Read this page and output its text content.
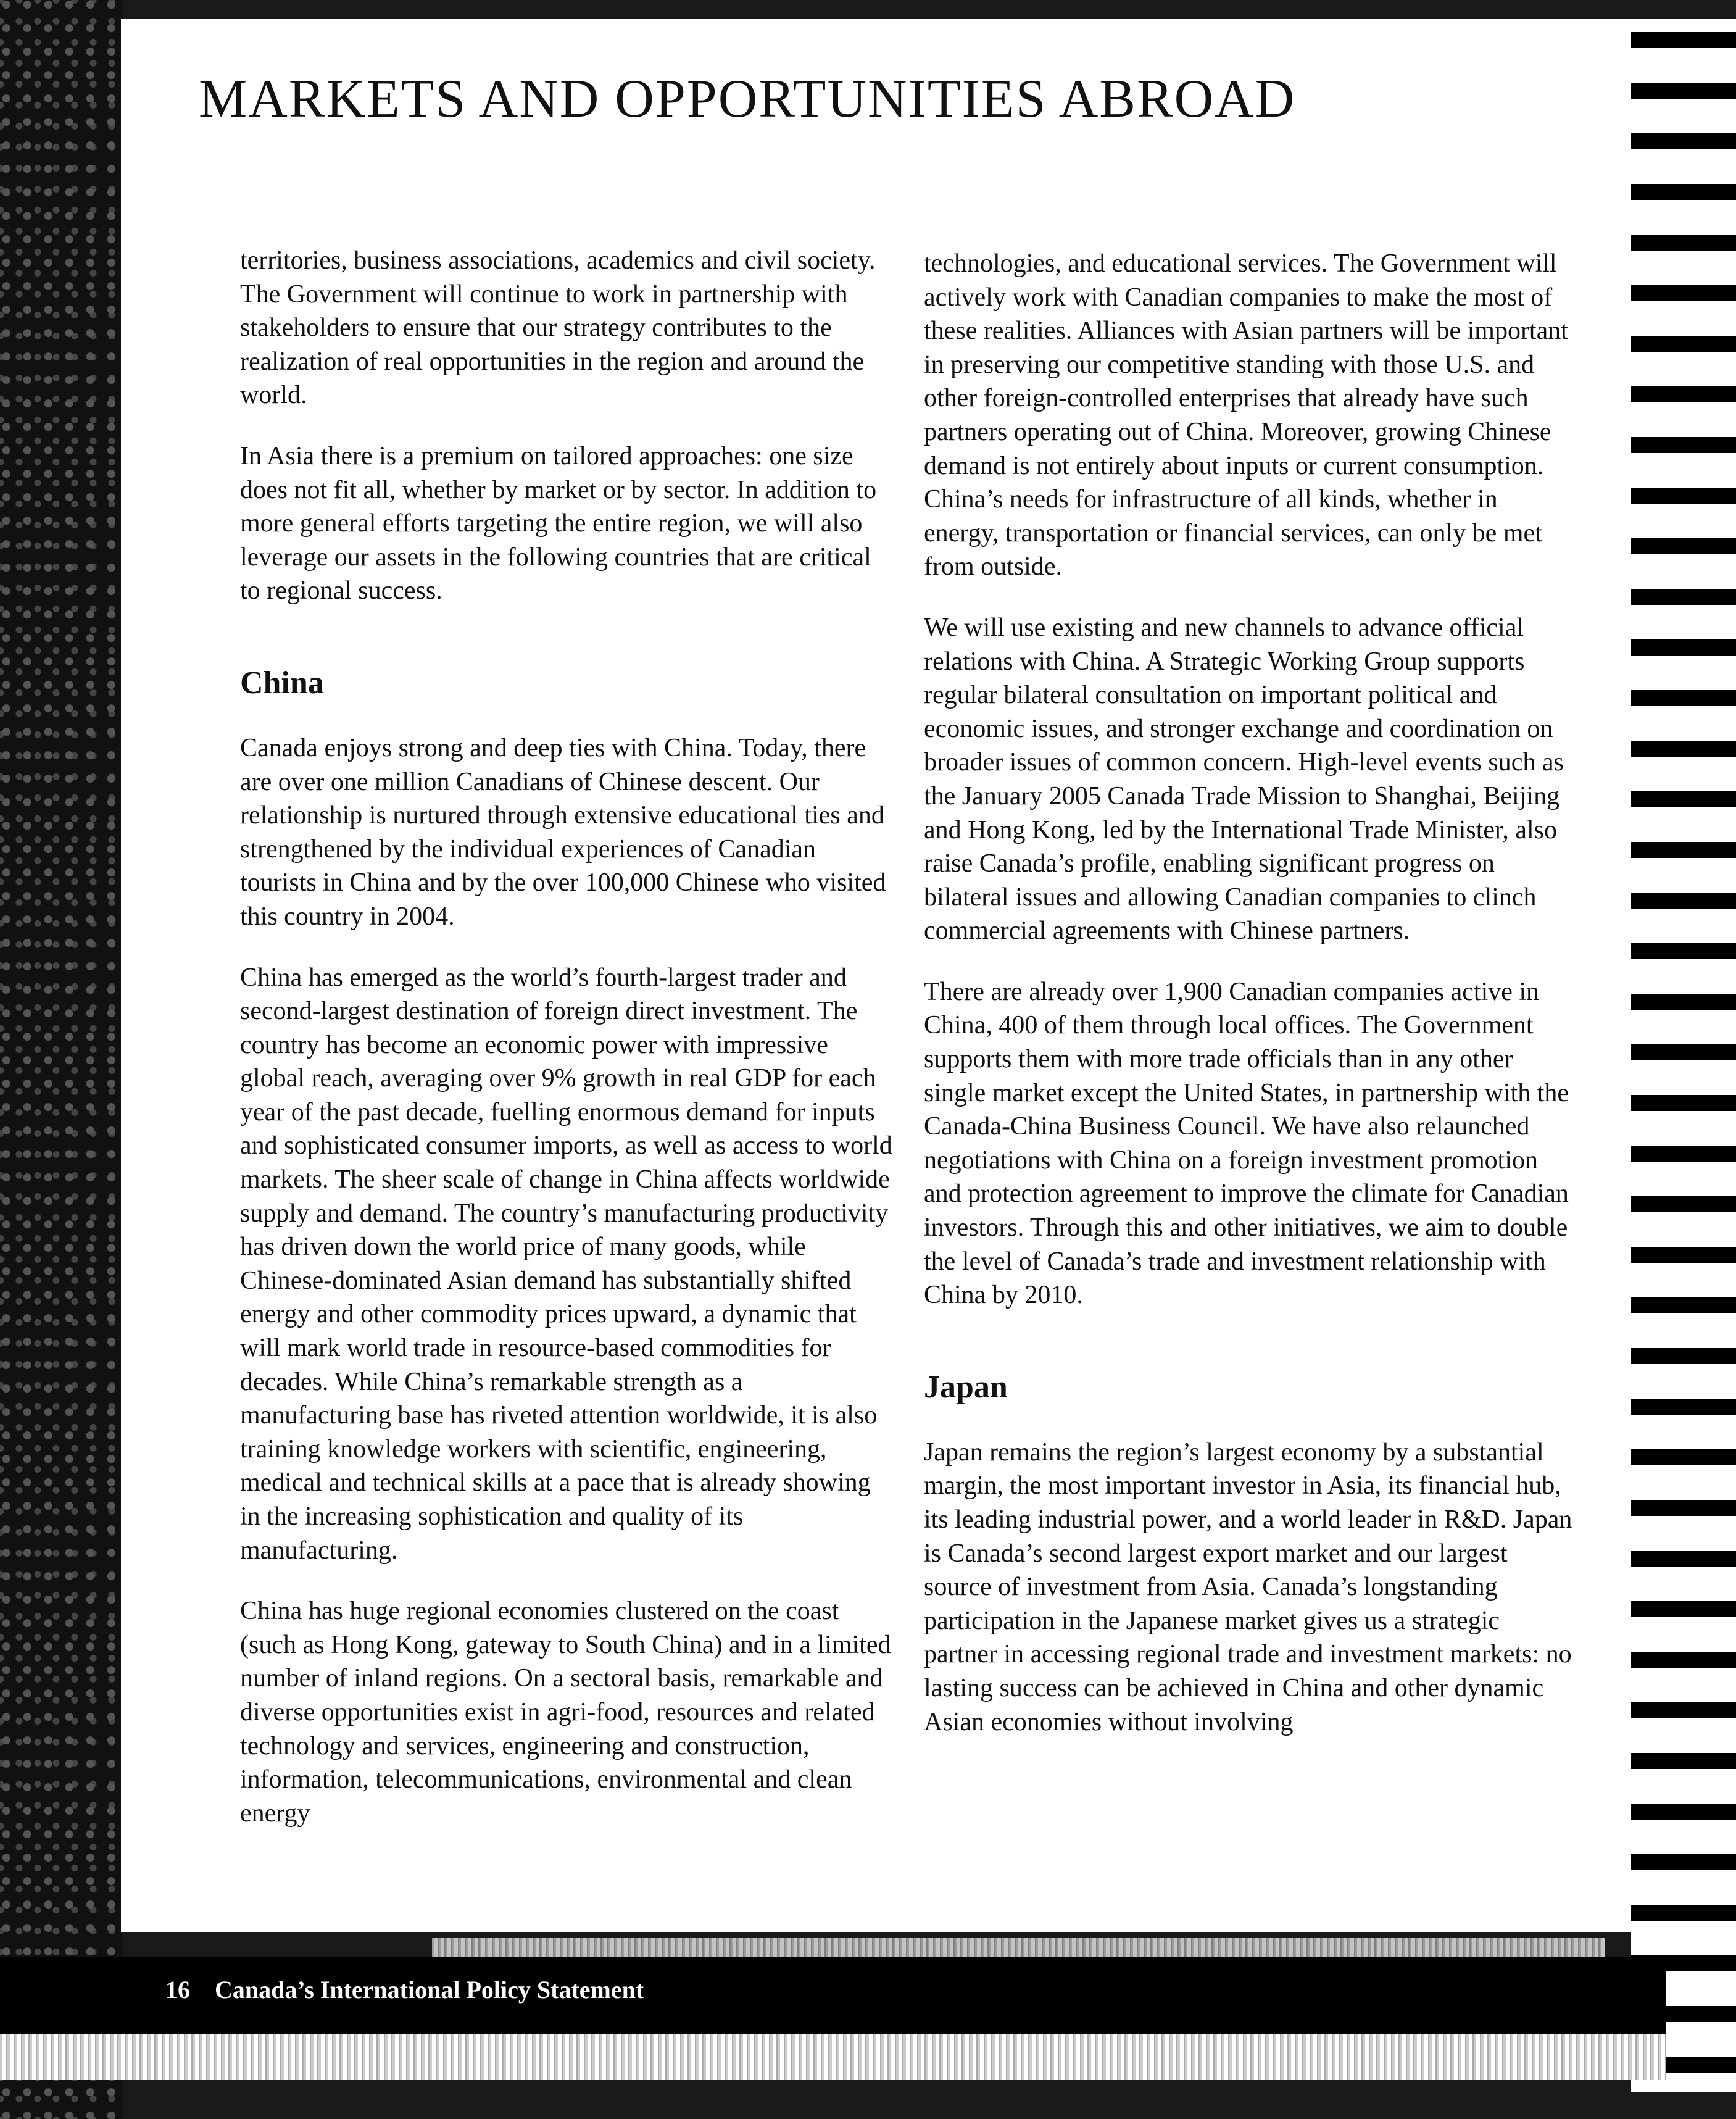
MARKETS AND OPPORTUNITIES ABROAD

territories, business associations, academics and civil society. The Government will continue to work in partnership with stakeholders to ensure that our strategy contributes to the realization of real opportunities in the region and around the world.

In Asia there is a premium on tailored approaches: one size does not fit all, whether by market or by sector. In addition to more general efforts targeting the entire region, we will also leverage our assets in the following countries that are critical to regional success.

China

Canada enjoys strong and deep ties with China. Today, there are over one million Canadians of Chinese descent. Our relationship is nurtured through extensive educational ties and strengthened by the individual experiences of Canadian tourists in China and by the over 100,000 Chinese who visited this country in 2004.

China has emerged as the world’s fourth-largest trader and second-largest destination of foreign direct investment. The country has become an economic power with impressive global reach, averaging over 9% growth in real GDP for each year of the past decade, fuelling enormous demand for inputs and sophisticated consumer imports, as well as access to world markets. The sheer scale of change in China affects worldwide supply and demand. The country’s manufacturing productivity has driven down the world price of many goods, while Chinese-dominated Asian demand has substantially shifted energy and other commodity prices upward, a dynamic that will mark world trade in resource-based commodities for decades. While China’s remarkable strength as a manufacturing base has riveted attention worldwide, it is also training knowledge workers with scientific, engineering, medical and technical skills at a pace that is already showing in the increasing sophistication and quality of its manufacturing.

China has huge regional economies clustered on the coast (such as Hong Kong, gateway to South China) and in a limited number of inland regions. On a sectoral basis, remarkable and diverse opportunities exist in agri-food, resources and related technology and services, engineering and construction, information, telecommunications, environmental and clean energy

technologies, and educational services. The Government will actively work with Canadian companies to make the most of these realities. Alliances with Asian partners will be important in preserving our competitive standing with those U.S. and other foreign-controlled enterprises that already have such partners operating out of China. Moreover, growing Chinese demand is not entirely about inputs or current consumption. China’s needs for infrastructure of all kinds, whether in energy, transportation or financial services, can only be met from outside.

We will use existing and new channels to advance official relations with China. A Strategic Working Group supports regular bilateral consultation on important political and economic issues, and stronger exchange and coordination on broader issues of common concern. High-level events such as the January 2005 Canada Trade Mission to Shanghai, Beijing and Hong Kong, led by the International Trade Minister, also raise Canada’s profile, enabling significant progress on bilateral issues and allowing Canadian companies to clinch commercial agreements with Chinese partners.

There are already over 1,900 Canadian companies active in China, 400 of them through local offices. The Government supports them with more trade officials than in any other single market except the United States, in partnership with the Canada-China Business Council. We have also relaunched negotiations with China on a foreign investment promotion and protection agreement to improve the climate for Canadian investors. Through this and other initiatives, we aim to double the level of Canada’s trade and investment relationship with China by 2010.

Japan

Japan remains the region’s largest economy by a substantial margin, the most important investor in Asia, its financial hub, its leading industrial power, and a world leader in R&D. Japan is Canada’s second largest export market and our largest source of investment from Asia. Canada’s longstanding participation in the Japanese market gives us a strategic partner in accessing regional trade and investment markets: no lasting success can be achieved in China and other dynamic Asian economies without involving

16 Canada’s International Policy Statement
